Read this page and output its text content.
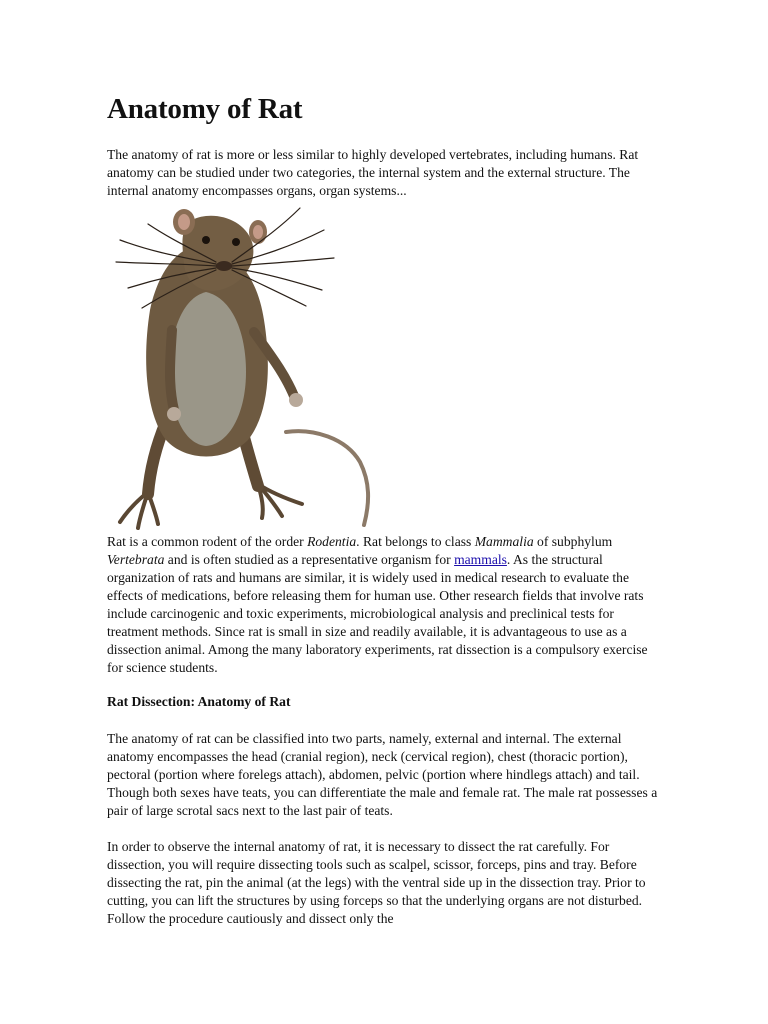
Anatomy of Rat

The anatomy of rat is more or less similar to highly developed vertebrates, including humans. Rat anatomy can be studied under two categories, the internal system and the external structure. The internal anatomy encompasses organs, organ systems...

Rat is a common rodent of the order Rodentia. Rat belongs to class Mammalia of subphylum Vertebrata and is often studied as a representative organism for mammals. As the structural organization of rats and humans are similar, it is widely used in medical research to evaluate the effects of medications, before releasing them for human use. Other research fields that involve rats include carcinogenic and toxic experiments, microbiological analysis and preclinical tests for treatment methods. Since rat is small in size and readily available, it is advantageous to use as a dissection animal. Among the many laboratory experiments, rat dissection is a compulsory exercise for science students.

Rat Dissection: Anatomy of Rat

The anatomy of rat can be classified into two parts, namely, external and internal. The external anatomy encompasses the head (cranial region), neck (cervical region), chest (thoracic portion), pectoral (portion where forelegs attach), abdomen, pelvic (portion where hindlegs attach) and tail. Though both sexes have teats, you can differentiate the male and female rat. The male rat possesses a pair of large scrotal sacs next to the last pair of teats.

In order to observe the internal anatomy of rat, it is necessary to dissect the rat carefully. For dissection, you will require dissecting tools such as scalpel, scissor, forceps, pins and tray. Before dissecting the rat, pin the animal (at the legs) with the ventral side up in the dissection tray. Prior to cutting, you can lift the structures by using forceps so that the underlying organs are not disturbed. Follow the procedure cautiously and dissect only the
